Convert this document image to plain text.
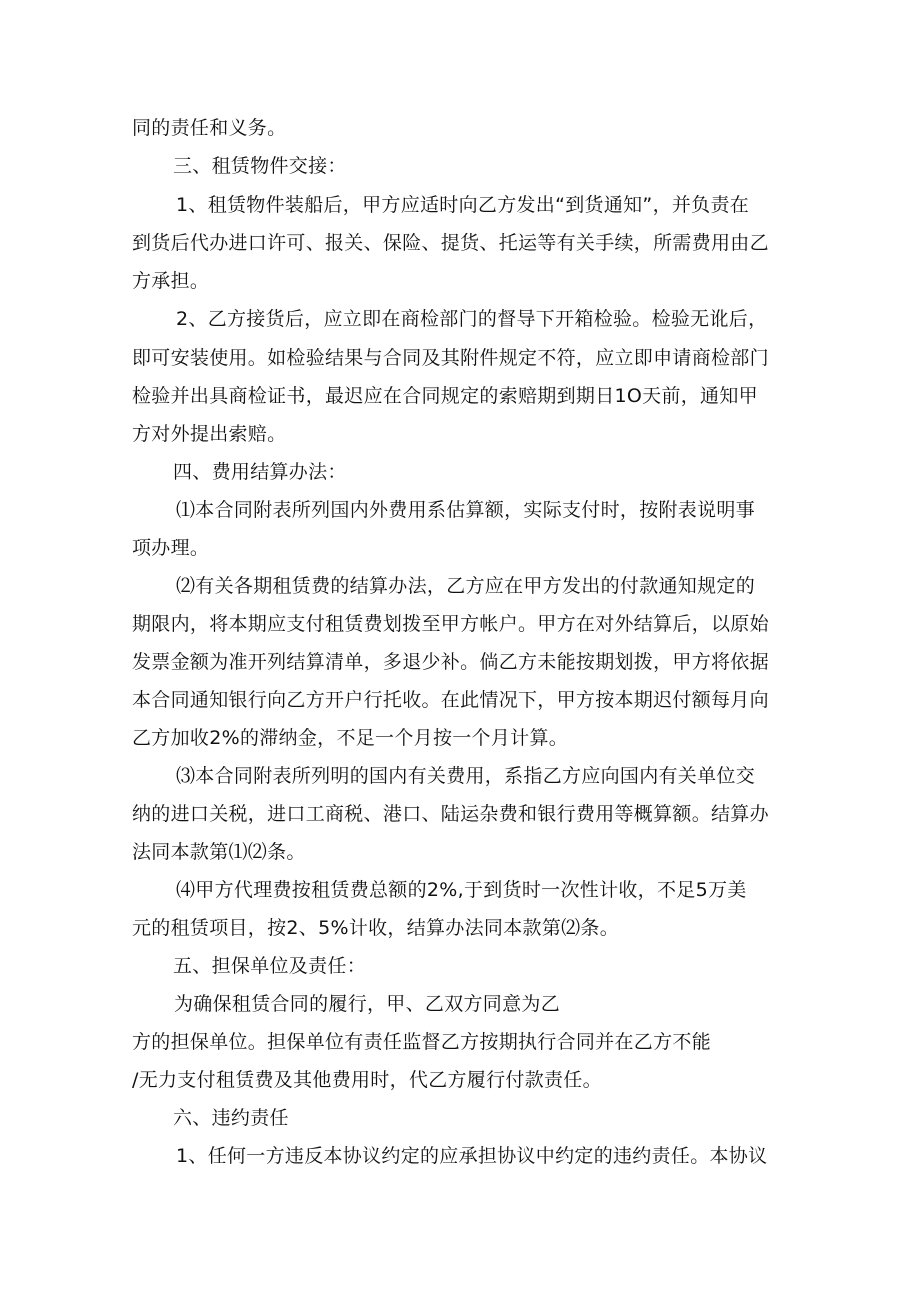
同的责任和义务。

三、租赁物件交接：

1、租赁物件装船后，甲方应适时向乙方发出“到货通知”，并负责在

到货后代办进口许可、报关、保险、提货、托运等有关手续，所需费用由乙

方承担。

2、乙方接货后，应立即在商检部门的督导下开箱检验。检验无讹后，

即可安装使用。如检验结果与合同及其附件规定不符，应立即申请商检部门

检验并出具商检证书，最迟应在合同规定的索赔期到期日1O天前，通知甲

方对外提出索赔。

四、费用结算办法：

⑴本合同附表所列国内外费用系估算额，实际支付时，按附表说明事

项办理。

⑵有关各期租赁费的结算办法，乙方应在甲方发出的付款通知规定的

期限内，将本期应支付租赁费划拨至甲方帐户。甲方在对外结算后，以原始

发票金额为准开列结算清单，多退少补。倘乙方未能按期划拨，甲方将依据

本合同通知银行向乙方开户行托收。在此情况下，甲方按本期迟付额每月向

乙方加收2%的滞纳金，不足一个月按一个月计算。

⑶本合同附表所列明的国内有关费用，系指乙方应向国内有关单位交

纳的进口关税，进口工商税、港口、陆运杂费和银行费用等概算额。结算办

法同本款第⑴⑵条。

⑷甲方代理费按租赁费总额的2%,于到货时一次性计收，不足5万美

元的租赁项目，按2、5%计收，结算办法同本款第⑵条。

五、担保单位及责任：

为确保租赁合同的履行，甲、乙双方同意为乙

方的担保单位。担保单位有责任监督乙方按期执行合同并在乙方不能

/无力支付租赁费及其他费用时，代乙方履行付款责任。

六、违约责任

1、任何一方违反本协议约定的应承担协议中约定的违约责任。本协议
